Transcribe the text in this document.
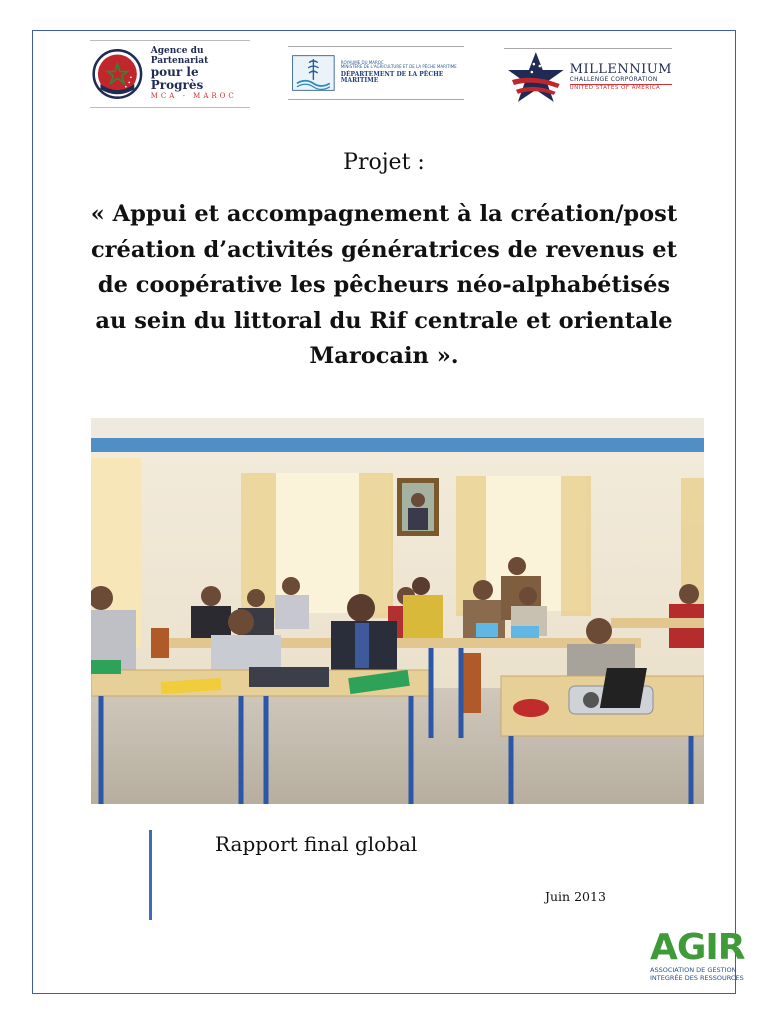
Agence du Partenariat
pour le Progrès
MCA - MAROC
ROYAUME DU MAROC
MINISTÈRE DE L'AGRICULTURE ET DE LA PÊCHE MARITIME
DÉPARTEMENT DE LA PÊCHE MARITIME
MILLENNIUM
CHALLENGE CORPORATION
UNITED STATES OF AMERICA
Projet :
« Appui et accompagnement à la création/post
création d’activités génératrices de revenus et
de coopérative les pêcheurs néo-alphabétisés
au sein du littoral du Rif centrale et orientale
Marocain ».
Rapport final global
Juin 2013
AGIR
ASSOCIATION DE GESTION
INTEGRÉE DES RESSOURCES
